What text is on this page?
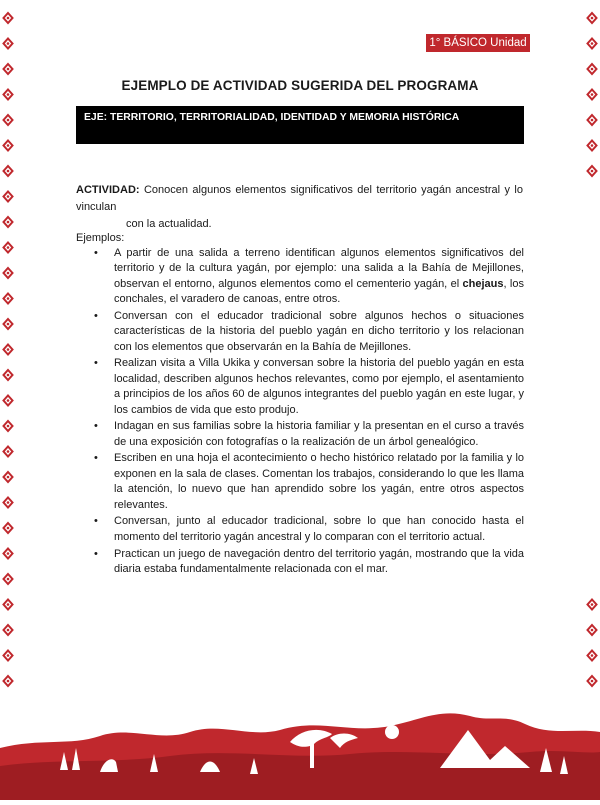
1° BÁSICO Unidad 2
EJEMPLO DE ACTIVIDAD SUGERIDA DEL PROGRAMA
EJE: TERRITORIO, TERRITORIALIDAD, IDENTIDAD Y MEMORIA HISTÓRICA
ACTIVIDAD: Conocen algunos elementos significativos del territorio yagán ancestral y lo vinculan
con la actualidad.
Ejemplos:
• A partir de una salida a terreno identifican algunos elementos significativos del territorio y de la cultura yagán, por ejemplo: una salida a la Bahía de Mejillones, observan el entorno, algunos elementos como el cementerio yagán, el chejaus, los conchales, el varadero de canoas, entre otros.
• Conversan con el educador tradicional sobre algunos hechos o situaciones características de la historia del pueblo yagán en dicho territorio y los relacionan con los elementos que observarán en la Bahía de Mejillones.
• Realizan visita a Villa Ukika y conversan sobre la historia del pueblo yagán en esta localidad, describen algunos hechos relevantes, como por ejemplo, el asentamiento a principios de los años 60 de algunos integrantes del pueblo yagán en este lugar, y los cambios de vida que esto produjo.
• Indagan en sus familias sobre la historia familiar y la presentan en el curso a través de una exposición con fotografías o la realización de un árbol genealógico.
• Escriben en una hoja el acontecimiento o hecho histórico relatado por la familia y lo exponen en la sala de clases. Comentan los trabajos, considerando lo que les llama la atención, lo nuevo que han aprendido sobre los yagán, entre otros aspectos relevantes.
• Conversan, junto al educador tradicional, sobre lo que han conocido hasta el momento del territorio yagán ancestral y lo comparan con el territorio actual.
• Practican un juego de navegación dentro del territorio yagán, mostrando que la vida diaria estaba fundamentalmente relacionada con el mar.
